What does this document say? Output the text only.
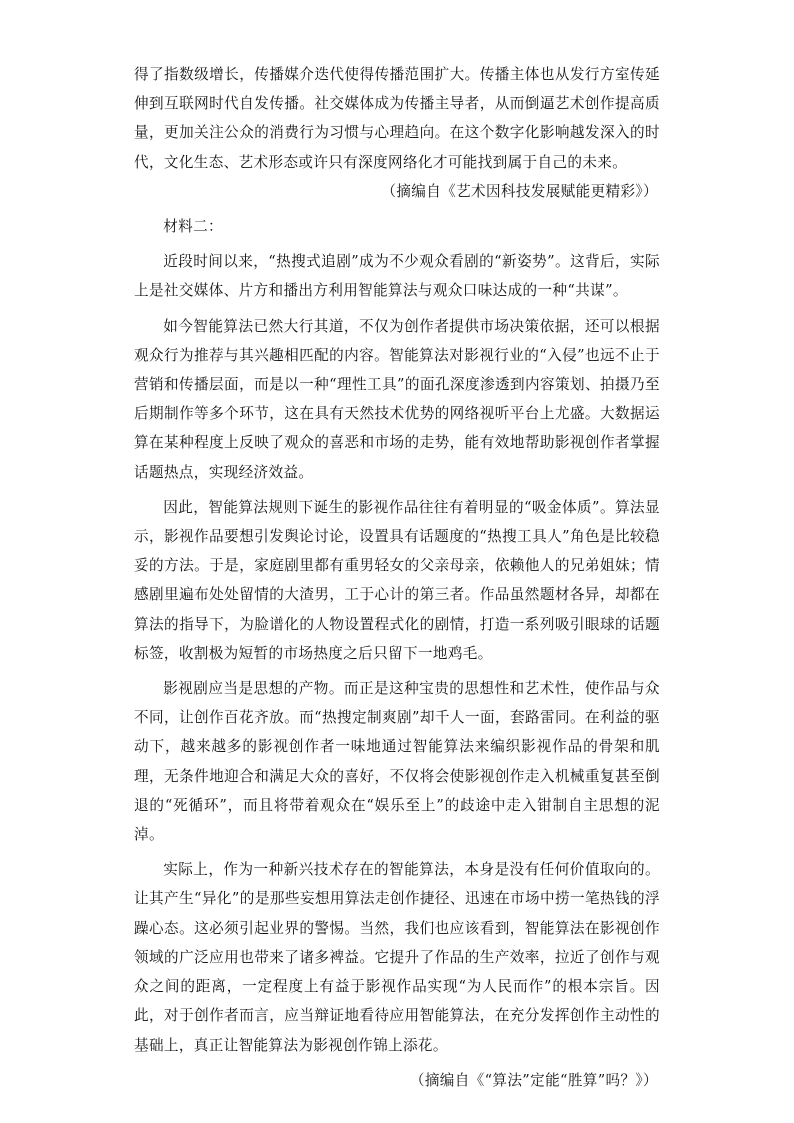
得了指数级增长，传播媒介迭代使得传播范围扩大。传播主体也从发行方室传延伸到互联网时代自发传播。社交媒体成为传播主导者，从而倒逼艺术创作提高质量，更加关注公众的消费行为习惯与心理趋向。在这个数字化影响越发深入的时代，文化生态、艺术形态或许只有深度网络化才可能找到属于自己的未来。

（摘编自《艺术因科技发展赋能更精彩》）

材料二：

近段时间以来，“热搜式追剧”成为不少观众看剧的“新姿势”。这背后，实际上是社交媒体、片方和播出方利用智能算法与观众口味达成的一种“共谋”。

如今智能算法已然大行其道，不仅为创作者提供市场决策依据，还可以根据观众行为推荐与其兴趣相匹配的内容。智能算法对影视行业的“入侵”也远不止于营销和传播层面，而是以一种“理性工具”的面孔深度渗透到内容策划、拍摄乃至后期制作等多个环节，这在具有天然技术优势的网络视听平台上尤盛。大数据运算在某种程度上反映了观众的喜恶和市场的走势，能有效地帮助影视创作者掌握话题热点，实现经济效益。

因此，智能算法规则下诞生的影视作品往往有着明显的“吸金体质”。算法显示，影视作品要想引发舆论讨论，设置具有话题度的“热搜工具人”角色是比较稳妥的方法。于是，家庭剧里都有重男轻女的父亲母亲，依赖他人的兄弟姐妹；情感剧里遍布处处留情的大渣男，工于心计的第三者。作品虽然题材各异，却都在算法的指导下，为脸谱化的人物设置程式化的剧情，打造一系列吸引眼球的话题标签，收割极为短暂的市场热度之后只留下一地鸡毛。

影视剧应当是思想的产物。而正是这种宝贵的思想性和艺术性，使作品与众不同，让创作百花齐放。而“热搜定制爽剧”却千人一面，套路雷同。在利益的驱动下，越来越多的影视创作者一味地通过智能算法来编织影视作品的骨架和肌理，无条件地迎合和满足大众的喜好，不仅将会使影视创作走入机械重复甚至倒退的“死循环”，而且将带着观众在“娱乐至上”的歧途中走入钳制自主思想的泥淖。

实际上，作为一种新兴技术存在的智能算法，本身是没有任何价值取向的。让其产生“异化”的是那些妄想用算法走创作捷径、迅速在市场中捞一笔热钱的浮躁心态。这必须引起业界的警惕。当然，我们也应该看到，智能算法在影视创作领域的广泛应用也带来了诸多裨益。它提升了作品的生产效率，拉近了创作与观众之间的距离，一定程度上有益于影视作品实现“为人民而作”的根本宗旨。因此，对于创作者而言，应当辩证地看待应用智能算法，在充分发挥创作主动性的基础上，真正让智能算法为影视创作锦上添花。

（摘编自《“算法”定能“胜算”吗？》）
